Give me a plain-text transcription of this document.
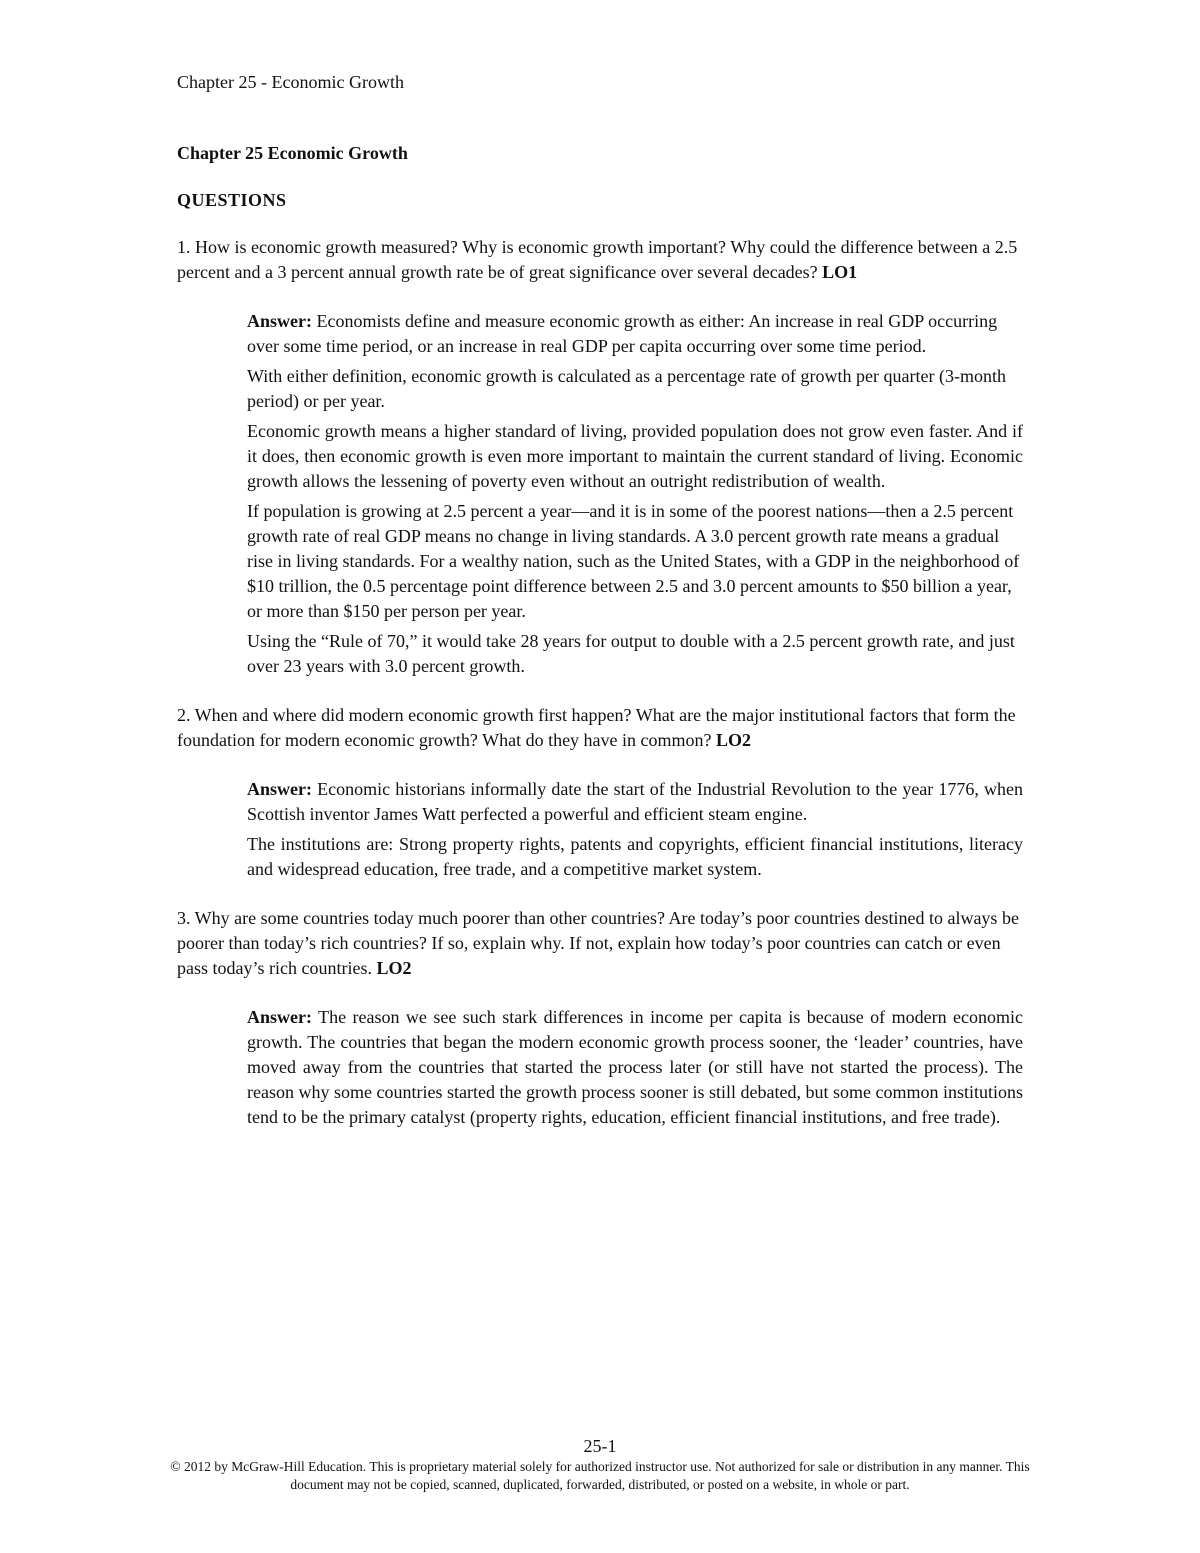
Chapter 25 - Economic Growth
Chapter 25 Economic Growth
QUESTIONS
1. How is economic growth measured? Why is economic growth important? Why could the difference between a 2.5 percent and a 3 percent annual growth rate be of great significance over several decades? LO1

Answer: Economists define and measure economic growth as either: An increase in real GDP occurring over some time period, or an increase in real GDP per capita occurring over some time period.

With either definition, economic growth is calculated as a percentage rate of growth per quarter (3-month period) or per year.

Economic growth means a higher standard of living, provided population does not grow even faster. And if it does, then economic growth is even more important to maintain the current standard of living. Economic growth allows the lessening of poverty even without an outright redistribution of wealth.

If population is growing at 2.5 percent a year—and it is in some of the poorest nations—then a 2.5 percent growth rate of real GDP means no change in living standards. A 3.0 percent growth rate means a gradual rise in living standards. For a wealthy nation, such as the United States, with a GDP in the neighborhood of $10 trillion, the 0.5 percentage point difference between 2.5 and 3.0 percent amounts to $50 billion a year, or more than $150 per person per year.

Using the “Rule of 70,” it would take 28 years for output to double with a 2.5 percent growth rate, and just over 23 years with 3.0 percent growth.

2. When and where did modern economic growth first happen? What are the major institutional factors that form the foundation for modern economic growth? What do they have in common? LO2

Answer: Economic historians informally date the start of the Industrial Revolution to the year 1776, when Scottish inventor James Watt perfected a powerful and efficient steam engine.

The institutions are: Strong property rights, patents and copyrights, efficient financial institutions, literacy and widespread education, free trade, and a competitive market system.

3. Why are some countries today much poorer than other countries? Are today’s poor countries destined to always be poorer than today’s rich countries? If so, explain why. If not, explain how today’s poor countries can catch or even pass today’s rich countries. LO2

Answer: The reason we see such stark differences in income per capita is because of modern economic growth. The countries that began the modern economic growth process sooner, the ‘leader’ countries, have moved away from the countries that started the process later (or still have not started the process). The reason why some countries started the growth process sooner is still debated, but some common institutions tend to be the primary catalyst (property rights, education, efficient financial institutions, and free trade).

25-1
© 2012 by McGraw-Hill Education. This is proprietary material solely for authorized instructor use. Not authorized for sale or distribution in any manner. This document may not be copied, scanned, duplicated, forwarded, distributed, or posted on a website, in whole or part.
